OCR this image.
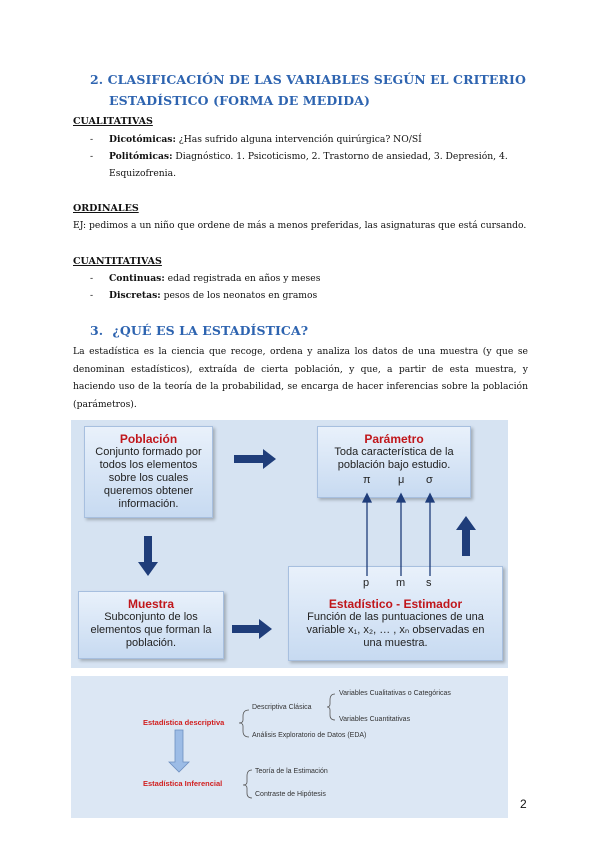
2. CLASIFICACIÓN DE LAS VARIABLES SEGÚN EL CRITERIO
ESTADÍSTICO (FORMA DE MEDIDA)
CUALITATIVAS
- Dicotómicas: ¿Has sufrido alguna intervención quirúrgica? NO/SÍ
- Politómicas: Diagnóstico. 1. Psicoticismo, 2. Trastorno de ansiedad, 3. Depresión, 4. Esquizofrenia.
ORDINALES
EJ: pedimos a un niño que ordene de más a menos preferidas, las asignaturas que está cursando.
CUANTITATIVAS
- Continuas: edad registrada en años y meses
- Discretas: pesos de los neonatos en gramos
3. ¿QUÉ ES LA ESTADÍSTICA?
La estadística es la ciencia que recoge, ordena y analiza los datos de una muestra (y que se denominan estadísticos), extraída de cierta población, y que, a partir de esta muestra, y haciendo uso de la teoría de la probabilidad, se encarga de hacer inferencias sobre la población (parámetros).
Población
Conjunto formado por todos los elementos sobre los cuales queremos obtener información.
Parámetro
Toda característica de la población bajo estudio.
π μ σ
Muestra
Subconjunto de los elementos que forman la población.
Estadístico - Estimador
Función de las puntuaciones de una variable x₁, x₂, … , xₙ observadas en una muestra.
p m s
Estadística descriptiva
Estadística Inferencial
Descriptiva Clásica
Variables Cualitativas o Categóricas
Variables Cuantitativas
Análisis Exploratorio de Datos (EDA)
Teoría de la Estimación
Contraste de Hipótesis
2
